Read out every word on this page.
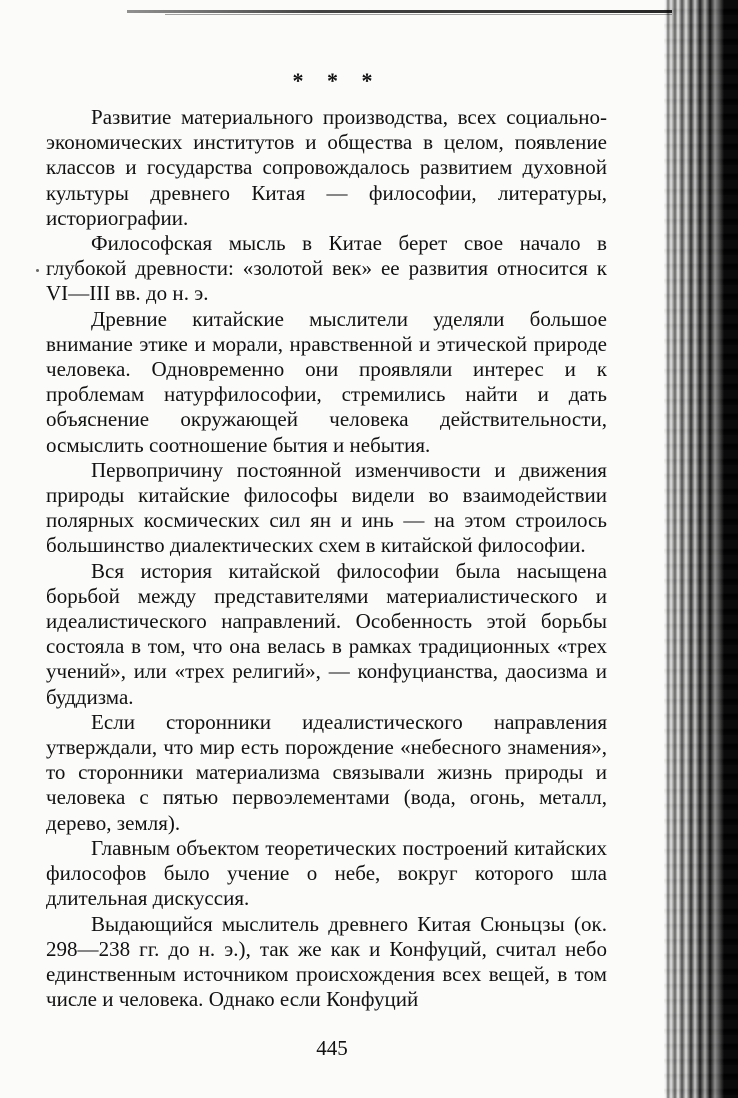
* * *

Развитие материального производства, всех социально-экономических институтов и общества в целом, появление классов и государства сопровождалось развитием духовной культуры древнего Китая — философии, литературы, историографии.

Философская мысль в Китае берет свое начало в глубокой древности: «золотой век» ее развития относится к VI—III вв. до н. э.

Древние китайские мыслители уделяли большое внимание этике и морали, нравственной и этической природе человека. Одновременно они проявляли интерес и к проблемам натурфилософии, стремились найти и дать объяснение окружающей человека действительности, осмыслить соотношение бытия и небытия.

Первопричину постоянной изменчивости и движения природы китайские философы видели во взаимодействии полярных космических сил ян и инь — на этом строилось большинство диалектических схем в китайской философии.

Вся история китайской философии была насыщена борьбой между представителями материалистического и идеалистического направлений. Особенность этой борьбы состояла в том, что она велась в рамках традиционных «трех учений», или «трех религий», — конфуцианства, даосизма и буддизма.

Если сторонники идеалистического направления утверждали, что мир есть порождение «небесного знамения», то сторонники материализма связывали жизнь природы и человека с пятью первоэлементами (вода, огонь, металл, дерево, земля).

Главным объектом теоретических построений китайских философов было учение о небе, вокруг которого шла длительная дискуссия.

Выдающийся мыслитель древнего Китая Сюньцзы (ок. 298—238 гг. до н. э.), так же как и Конфуций, считал небо единственным источником происхождения всех вещей, в том числе и человека. Однако если Конфуций

445
